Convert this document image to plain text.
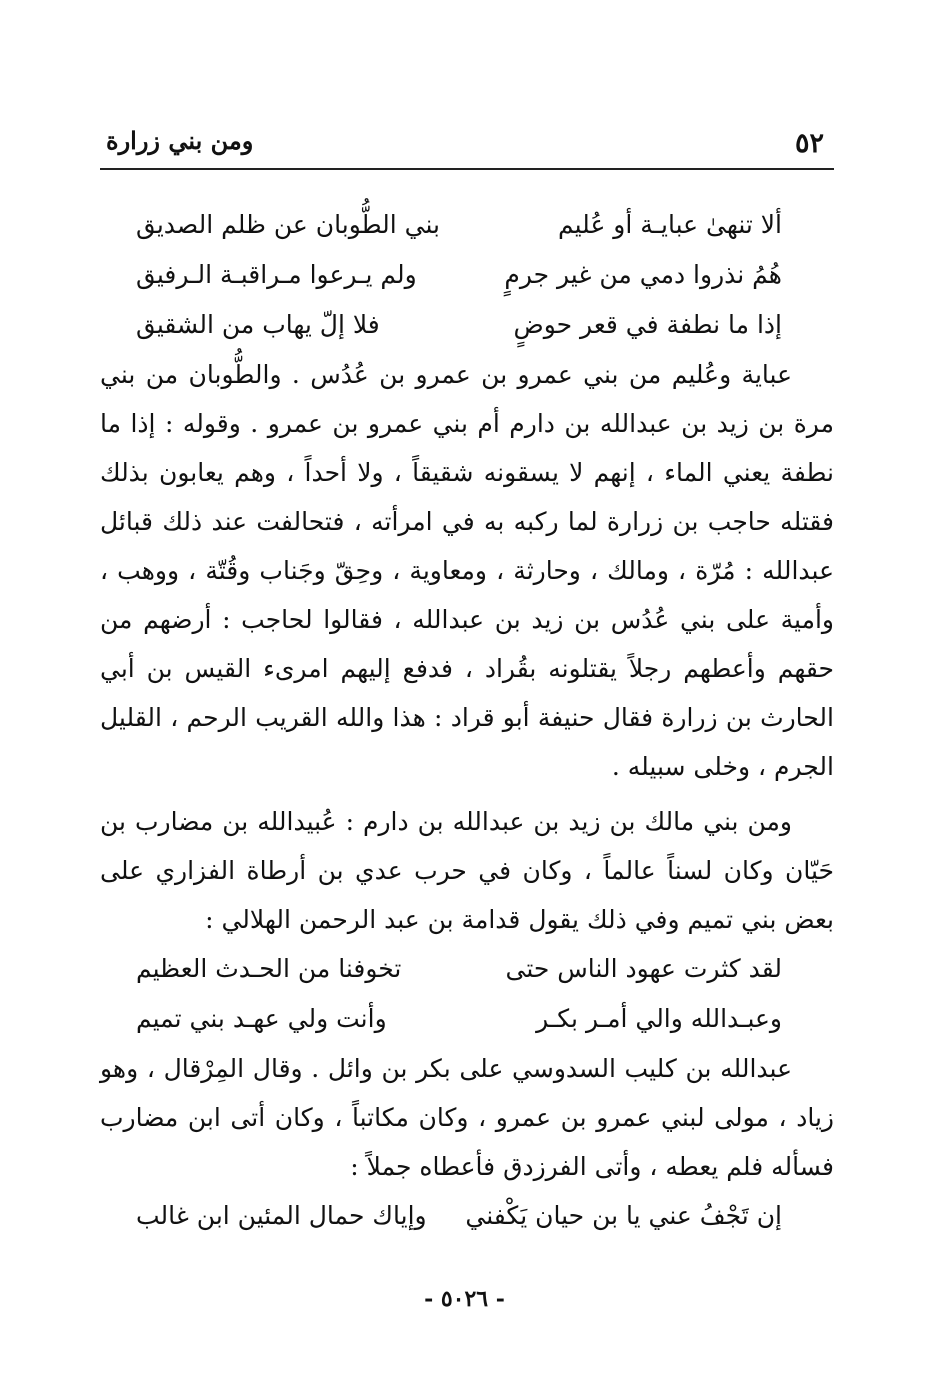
٥٢
ومن بني زرارة
ألا تنهىٰ عبايـة أو عُليم
بني الطُّوبان عن ظلم الصديق
هُمُ نذروا دمي من غير جرمٍ
ولم يـرعوا مـراقبـة الـرفيق
إذا ما نطفة في قعر حوضٍ
فلا إلّ يهاب من الشقيق

عباية وعُليم من بني عمرو بن عمرو بن عُدُس . والطُّوبان من بني مرة بن زيد بن عبدالله بن دارم أم بني عمرو بن عمرو . وقوله : إذا ما نطفة يعني الماء ، إنهم لا يسقونه شقيقاً ، ولا أحداً ، وهم يعابون بذلك فقتله حاجب بن زرارة لما ركبه به في امرأته ، فتحالفت عند ذلك قبائل عبدالله : مُرّة ، ومالك ، وحارثة ، ومعاوية ، وحِقّ وجَناب وقُتّة ، ووهب ، وأمية على بني عُدُس بن زيد بن عبدالله ، فقالوا لحاجب : أرضهم من حقهم وأعطهم رجلاً يقتلونه بقُراد ، فدفع إليهم امرىء القيس بن أبي الحارث بن زرارة فقال حنيفة أبو قراد : هذا والله القريب الرحم ، القليل الجرم ، وخلى سبيله .

ومن بني مالك بن زيد بن عبدالله بن دارم : عُبيدالله بن مضارب بن حَيّان وكان لسناً عالماً ، وكان في حرب عدي بن أرطاة الفزاري على بعض بني تميم وفي ذلك يقول قدامة بن عبد الرحمن الهلالي :

لقد كثرت عهود الناس حتى
تخوفنا من الحـدث العظيم
وعبـدالله والي أمـر بكـر
وأنت ولي عهـد بني تميم

عبدالله بن كليب السدوسي على بكر بن وائل . وقال المِرْقال ، وهو زياد ، مولى لبني عمرو بن عمرو ، وكان مكاتباً ، وكان أتى ابن مضارب فسأله فلم يعطه ، وأتى الفرزدق فأعطاه جملاً :

إن تَجْفُ عني يا بن حيان يَكْفني
وإياك حمال المئين ابن غالب
- ٥٠٢٦ -
